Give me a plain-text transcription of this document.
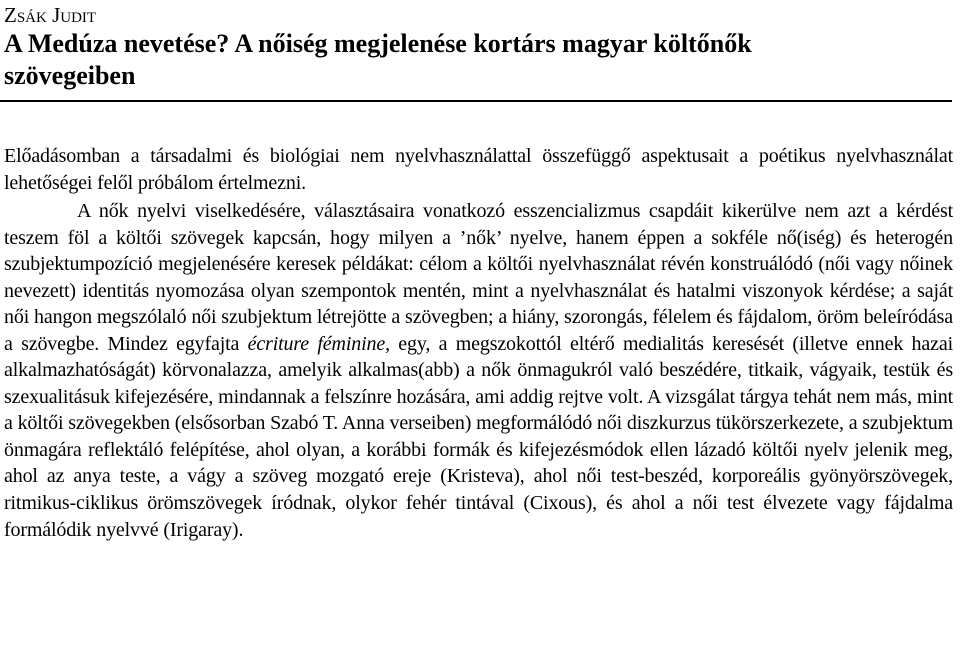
Zsák Judit

A Medúza nevetése? A nőiség megjelenése kortárs magyar költőnők szövegeiben

Előadásomban a társadalmi és biológiai nem nyelvhasználattal összefüggő aspektusait a poétikus nyelvhasználat lehetőségei felől próbálom értelmezni.

A nők nyelvi viselkedésére, választásaira vonatkozó esszencializmus csapdáit kikerülve nem azt a kérdést teszem föl a költői szövegek kapcsán, hogy milyen a ’nők’ nyelve, hanem éppen a sokféle nő(iség) és heterogén szubjektumpozíció megjelenésére keresek példákat: célom a költői nyelvhasználat révén konstruálódó (női vagy nőinek nevezett) identitás nyomozása olyan szempontok mentén, mint a nyelvhasználat és hatalmi viszonyok kérdése; a saját női hangon megszólaló női szubjektum létrejötte a szövegben; a hiány, szorongás, félelem és fájdalom, öröm beleíródása a szövegbe. Mindez egyfajta écriture féminine, egy, a megszokottól eltérő medialitás keresését (illetve ennek hazai alkalmazhatóságát) körvonalazza, amelyik alkalmas(abb) a nők önmagukról való beszédére, titkaik, vágyaik, testük és szexualitásuk kifejezésére, mindannak a felszínre hozására, ami addig rejtve volt. A vizsgálat tárgya tehát nem más, mint a költői szövegekben (elsősorban Szabó T. Anna verseiben) megformálódó női diszkurzus tükörszerkezete, a szubjektum önmagára reflektáló felépítése, ahol olyan, a korábbi formák és kifejezésmódok ellen lázadó költői nyelv jelenik meg, ahol az anya teste, a vágy a szöveg mozgató ereje (Kristeva), ahol női test-beszéd, korporeális gyönyörszövegek, ritmikus-ciklikus örömszövegek íródnak, olykor fehér tintával (Cixous), és ahol a női test élvezete vagy fájdalma formálódik nyelvvé (Irigaray).
